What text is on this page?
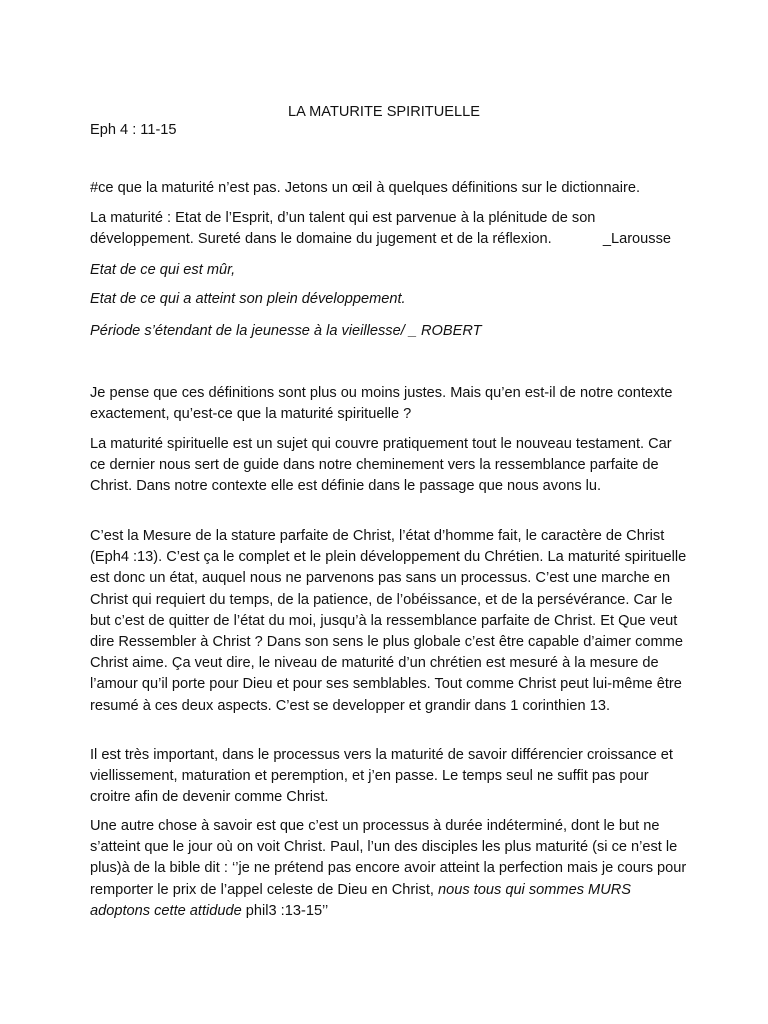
LA MATURITE SPIRITUELLE

Eph 4 : 11-15

#ce que la maturité n’est pas. Jetons un œil à quelques définitions sur le dictionnaire.

La maturité : Etat de l’Esprit, d’un talent qui est parvenue à la plénitude de son développement. Sureté dans le domaine du jugement et de la réflexion.	_Larousse

Etat de ce qui est mûr,

Etat de ce qui a atteint son plein développement.

Période s’étendant de la jeunesse à la vieillesse/ _ ROBERT

Je pense que ces définitions sont plus ou moins justes. Mais qu’en est-il de notre contexte exactement, qu’est-ce que la maturité spirituelle ?

La maturité spirituelle est un sujet qui couvre pratiquement tout le nouveau testament. Car ce dernier nous sert de guide dans notre cheminement vers la ressemblance parfaite de Christ. Dans notre contexte elle est définie dans le passage que nous avons lu.

C’est la Mesure de la stature parfaite de Christ, l’état d’homme fait, le caractère de Christ (Eph4 :13). C’est ça le complet et le plein développement du Chrétien. La maturité spirituelle est donc un état, auquel nous ne parvenons pas sans un processus. C’est une marche en Christ qui requiert du temps, de la patience, de l’obéissance, et de la persévérance. Car le but c’est de quitter de l’état du moi, jusqu’à la ressemblance parfaite de Christ. Et Que veut dire Ressembler à Christ ? Dans son sens le plus globale c’est être capable d’aimer comme Christ aime. Ça veut dire, le niveau de maturité d’un chrétien est mesuré à la mesure de l’amour qu’il porte pour Dieu et pour ses semblables. Tout comme Christ peut lui-même être resumé à ces deux aspects. C’est se developper et grandir dans 1 corinthien 13.

Il est très important, dans le processus vers la maturité de savoir différencier croissance et viellissement, maturation et peremption, et j’en passe. Le temps seul ne suffit pas pour croitre afin de devenir comme Christ.

Une autre chose à savoir est que c’est un processus à durée indéterminé, dont le but ne s’atteint que le jour où on voit Christ. Paul, l’un des disciples les plus maturité (si ce n’est le plus)à de la bible dit : ‘’je ne prétend pas encore avoir atteint la perfection mais je cours pour remporter le prix de l’appel celeste de Dieu en Christ, nous tous qui sommes MURS adoptons cette attidude phil3 :13-15’’
